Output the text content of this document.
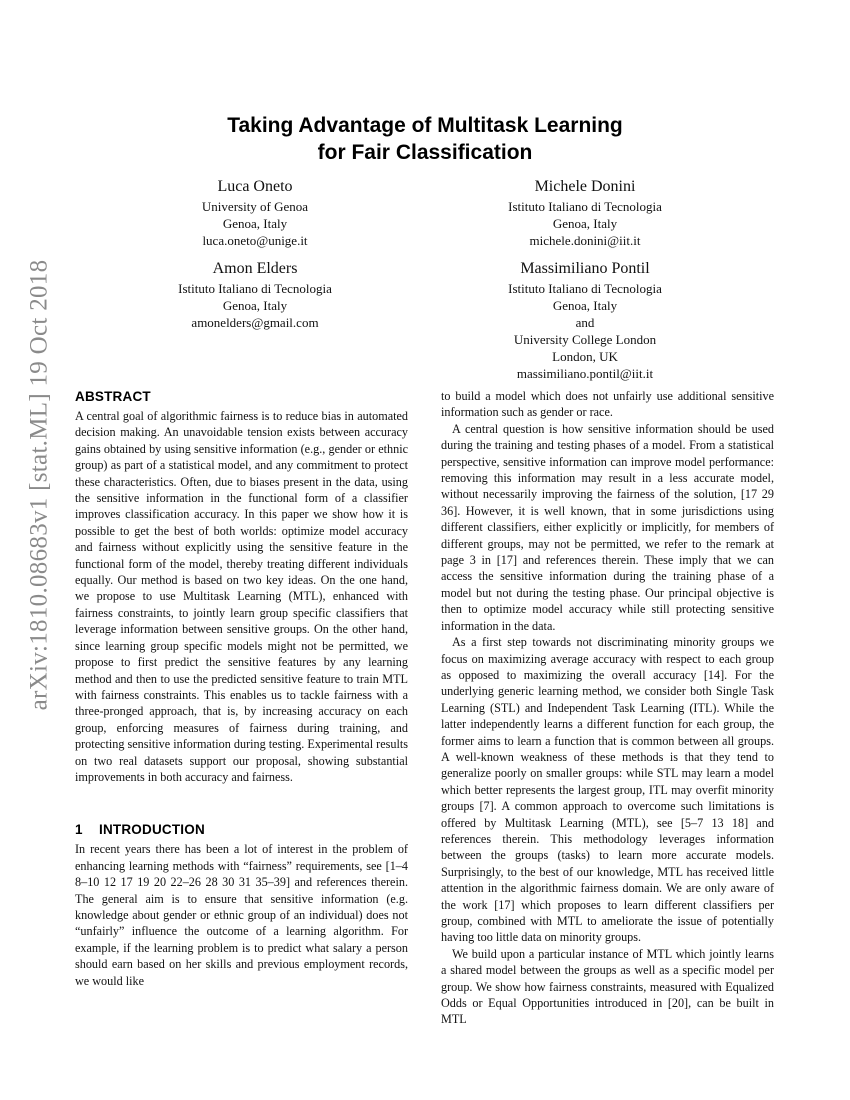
arXiv:1810.08683v1 [stat.ML] 19 Oct 2018
Taking Advantage of Multitask Learning
for Fair Classification
Luca Oneto
University of Genoa
Genoa, Italy
luca.oneto@unige.it
Michele Donini
Istituto Italiano di Tecnologia
Genoa, Italy
michele.donini@iit.it
Amon Elders
Istituto Italiano di Tecnologia
Genoa, Italy
amonelders@gmail.com
Massimiliano Pontil
Istituto Italiano di Tecnologia
Genoa, Italy
and
University College London
London, UK
massimiliano.pontil@iit.it
ABSTRACT

A central goal of algorithmic fairness is to reduce bias in automated decision making. An unavoidable tension exists between accuracy gains obtained by using sensitive information (e.g., gender or ethnic group) as part of a statistical model, and any commitment to protect these characteristics. Often, due to biases present in the data, using the sensitive information in the functional form of a classifier improves classification accuracy. In this paper we show how it is possible to get the best of both worlds: optimize model accuracy and fairness without explicitly using the sensitive feature in the functional form of the model, thereby treating different individuals equally. Our method is based on two key ideas. On the one hand, we propose to use Multitask Learning (MTL), enhanced with fairness constraints, to jointly learn group specific classifiers that leverage information between sensitive groups. On the other hand, since learning group specific models might not be permitted, we propose to first predict the sensitive features by any learning method and then to use the predicted sensitive feature to train MTL with fairness constraints. This enables us to tackle fairness with a three-pronged approach, that is, by increasing accuracy on each group, enforcing measures of fairness during training, and protecting sensitive information during testing. Experimental results on two real datasets support our proposal, showing substantial improvements in both accuracy and fairness.

1 INTRODUCTION

In recent years there has been a lot of interest in the problem of enhancing learning methods with “fairness” requirements, see [1–4 8–10 12 17 19 20 22–26 28 30 31 35–39] and references therein. The general aim is to ensure that sensitive information (e.g. knowledge about gender or ethnic group of an individual) does not “unfairly” influence the outcome of a learning algorithm. For example, if the learning problem is to predict what salary a person should earn based on her skills and previous employment records, we would like

to build a model which does not unfairly use additional sensitive information such as gender or race.

A central question is how sensitive information should be used during the training and testing phases of a model. From a statistical perspective, sensitive information can improve model performance: removing this information may result in a less accurate model, without necessarily improving the fairness of the solution, [17 29 36]. However, it is well known, that in some jurisdictions using different classifiers, either explicitly or implicitly, for members of different groups, may not be permitted, we refer to the remark at page 3 in [17] and references therein. These imply that we can access the sensitive information during the training phase of a model but not during the testing phase. Our principal objective is then to optimize model accuracy while still protecting sensitive information in the data.

As a first step towards not discriminating minority groups we focus on maximizing average accuracy with respect to each group as opposed to maximizing the overall accuracy [14]. For the underlying generic learning method, we consider both Single Task Learning (STL) and Independent Task Learning (ITL). While the latter independently learns a different function for each group, the former aims to learn a function that is common between all groups. A well-known weakness of these methods is that they tend to generalize poorly on smaller groups: while STL may learn a model which better represents the largest group, ITL may overfit minority groups [7]. A common approach to overcome such limitations is offered by Multitask Learning (MTL), see [5–7 13 18] and references therein. This methodology leverages information between the groups (tasks) to learn more accurate models. Surprisingly, to the best of our knowledge, MTL has received little attention in the algorithmic fairness domain. We are only aware of the work [17] which proposes to learn different classifiers per group, combined with MTL to ameliorate the issue of potentially having too little data on minority groups.

We build upon a particular instance of MTL which jointly learns a shared model between the groups as well as a specific model per group. We show how fairness constraints, measured with Equalized Odds or Equal Opportunities introduced in [20], can be built in MTL
